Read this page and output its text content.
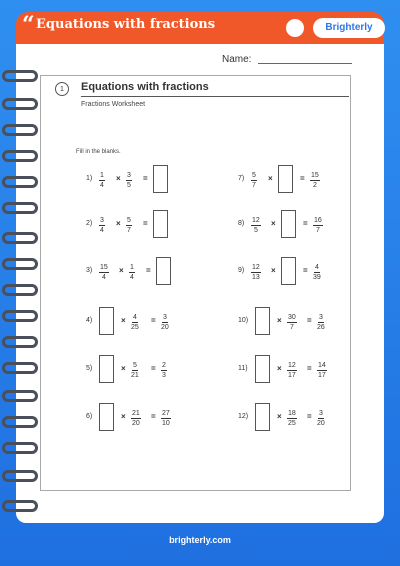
“ Equations with fractions	Brighterly
Name:
1	Equations with fractions
Fractions Worksheet
Fill in the blanks.
$1) \frac{1}{4} \times \frac{3}{5}$ =
$2) \frac{3}{4} \times \frac{5}{7}$ =
$3) \frac{15}{4} \times \frac{1}{4}$ =
4)	× $\frac{4}{25} = \frac{3}{20}$
5)	× $\frac{5}{21} = \frac{2}{3}$
6)	× $\frac{21}{20} = \frac{27}{10}$
$7) \frac{5}{7}$ ×	= $\frac{15}{2}$
$8) \frac{12}{5}$ ×	= $\frac{16}{7}$
$9) \frac{12}{13}$ ×	= $\frac{4}{39}$
10)	× $\frac{30}{7} = \frac{3}{26}$
11)	× $\frac{12}{17} = \frac{14}{17}$
12)	× $\frac{18}{25} = \frac{3}{20}$
brighterly.com
